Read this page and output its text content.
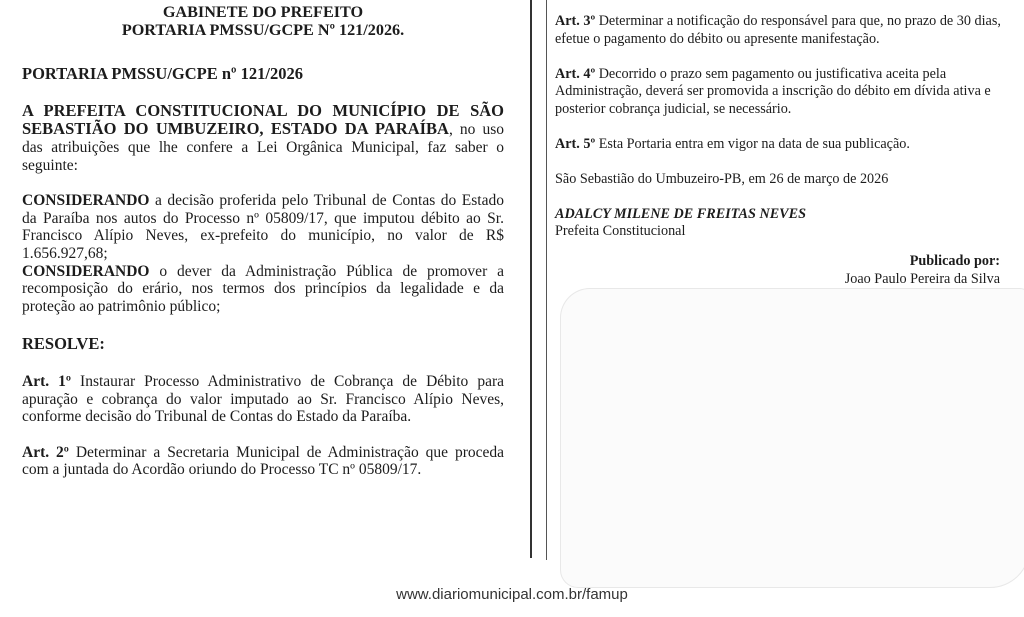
GABINETE DO PREFEITO
PORTARIA PMSSU/GCPE Nº 121/2026.
PORTARIA PMSSU/GCPE nº 121/2026

A PREFEITA CONSTITUCIONAL DO MUNICÍPIO DE SÃO SEBASTIÃO DO UMBUZEIRO, ESTADO DA PARAÍBA, no uso das atribuições que lhe confere a Lei Orgânica Municipal, faz saber o seguinte:

CONSIDERANDO a decisão proferida pelo Tribunal de Contas do Estado da Paraíba nos autos do Processo nº 05809/17, que imputou débito ao Sr. Francisco Alípio Neves, ex-prefeito do município, no valor de R$ 1.656.927,68;

CONSIDERANDO o dever da Administração Pública de promover a recomposição do erário, nos termos dos princípios da legalidade e da proteção ao patrimônio público;

RESOLVE:

Art. 1º Instaurar Processo Administrativo de Cobrança de Débito para apuração e cobrança do valor imputado ao Sr. Francisco Alípio Neves, conforme decisão do Tribunal de Contas do Estado da Paraíba.

Art. 2º Determinar a Secretaria Municipal de Administração que proceda com a juntada do Acordão oriundo do Processo TC nº 05809/17.

Art. 3º Determinar a notificação do responsável para que, no prazo de 30 dias, efetue o pagamento do débito ou apresente manifestação.

Art. 4º Decorrido o prazo sem pagamento ou justificativa aceita pela Administração, deverá ser promovida a inscrição do débito em dívida ativa e posterior cobrança judicial, se necessário.

Art. 5º Esta Portaria entra em vigor na data de sua publicação.

São Sebastião do Umbuzeiro-PB, em 26 de março de 2026

ADALCY MILENE DE FREITAS NEVES

Prefeita Constitucional

Publicado por:
Joao Paulo Pereira da Silva
www.diariomunicipal.com.br/famup
